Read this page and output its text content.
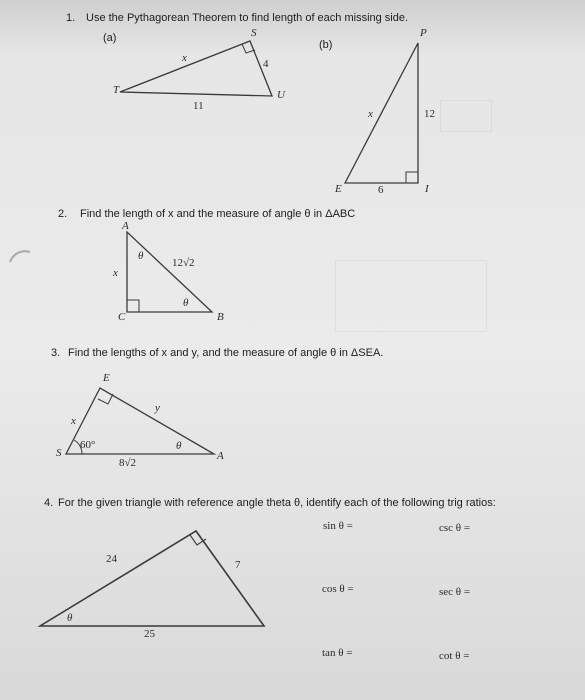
1. Use the Pythagorean Theorem to find length of each missing side.
(a)
(b)
S
T	U
x	4
11
P
E	I
x	12
6
2. Find the length of x and the measure of angle θ in ΔABC
A
B
C
x
12√2
θ
θ
3. Find the lengths of x and y, and the measure of angle θ in ΔSEA.
E
S	A
x
y
60°	θ
8√2
4. For the given triangle with reference angle theta θ, identify each of the following trig ratios:
24	7
25
θ
sin θ =	csc θ =
cos θ =	sec θ =
tan θ =	cot θ =
